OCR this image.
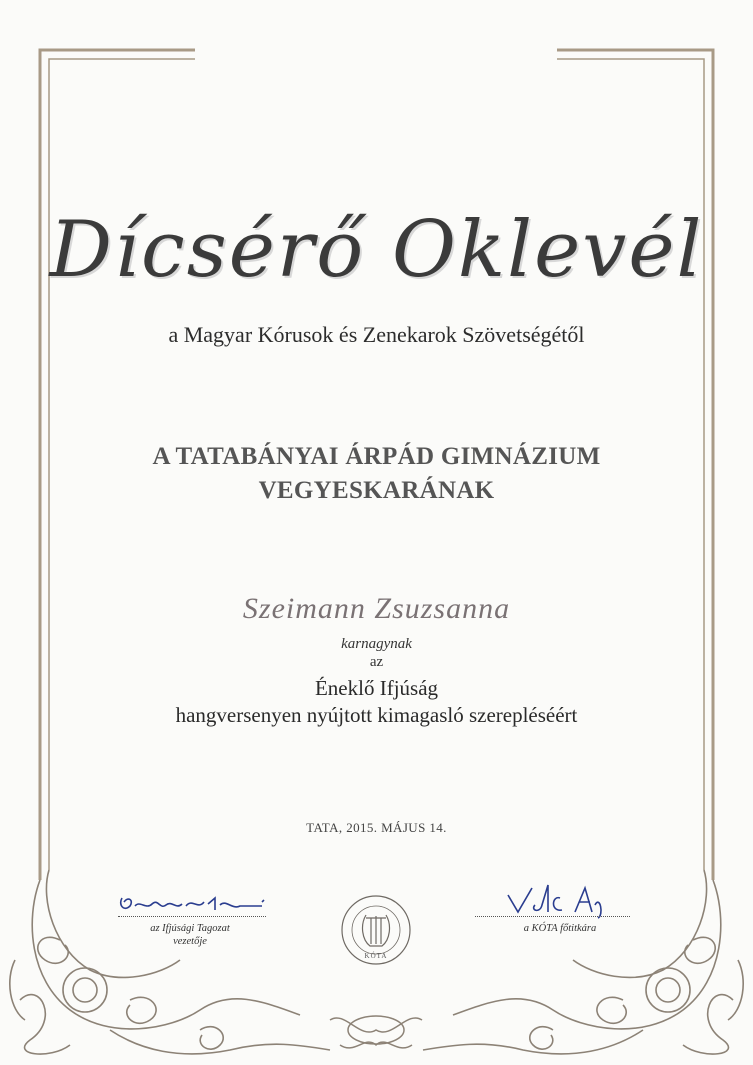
Dícsérő Oklevél
a Magyar Kórusok és Zenekarok Szövetségétől
A TATABÁNYAI ÁRPÁD GIMNÁZIUM
VEGYESKARÁNAK
Szeimann Zsuzsanna
karnagynak
az
Éneklő Ifjúság
hangversenyen nyújtott kimagasló szerepléséért
TATA, 2015. MÁJUS 14.
az Ifjúsági Tagozat
vezetője
a KÓTA főtitkára
KÓTA
